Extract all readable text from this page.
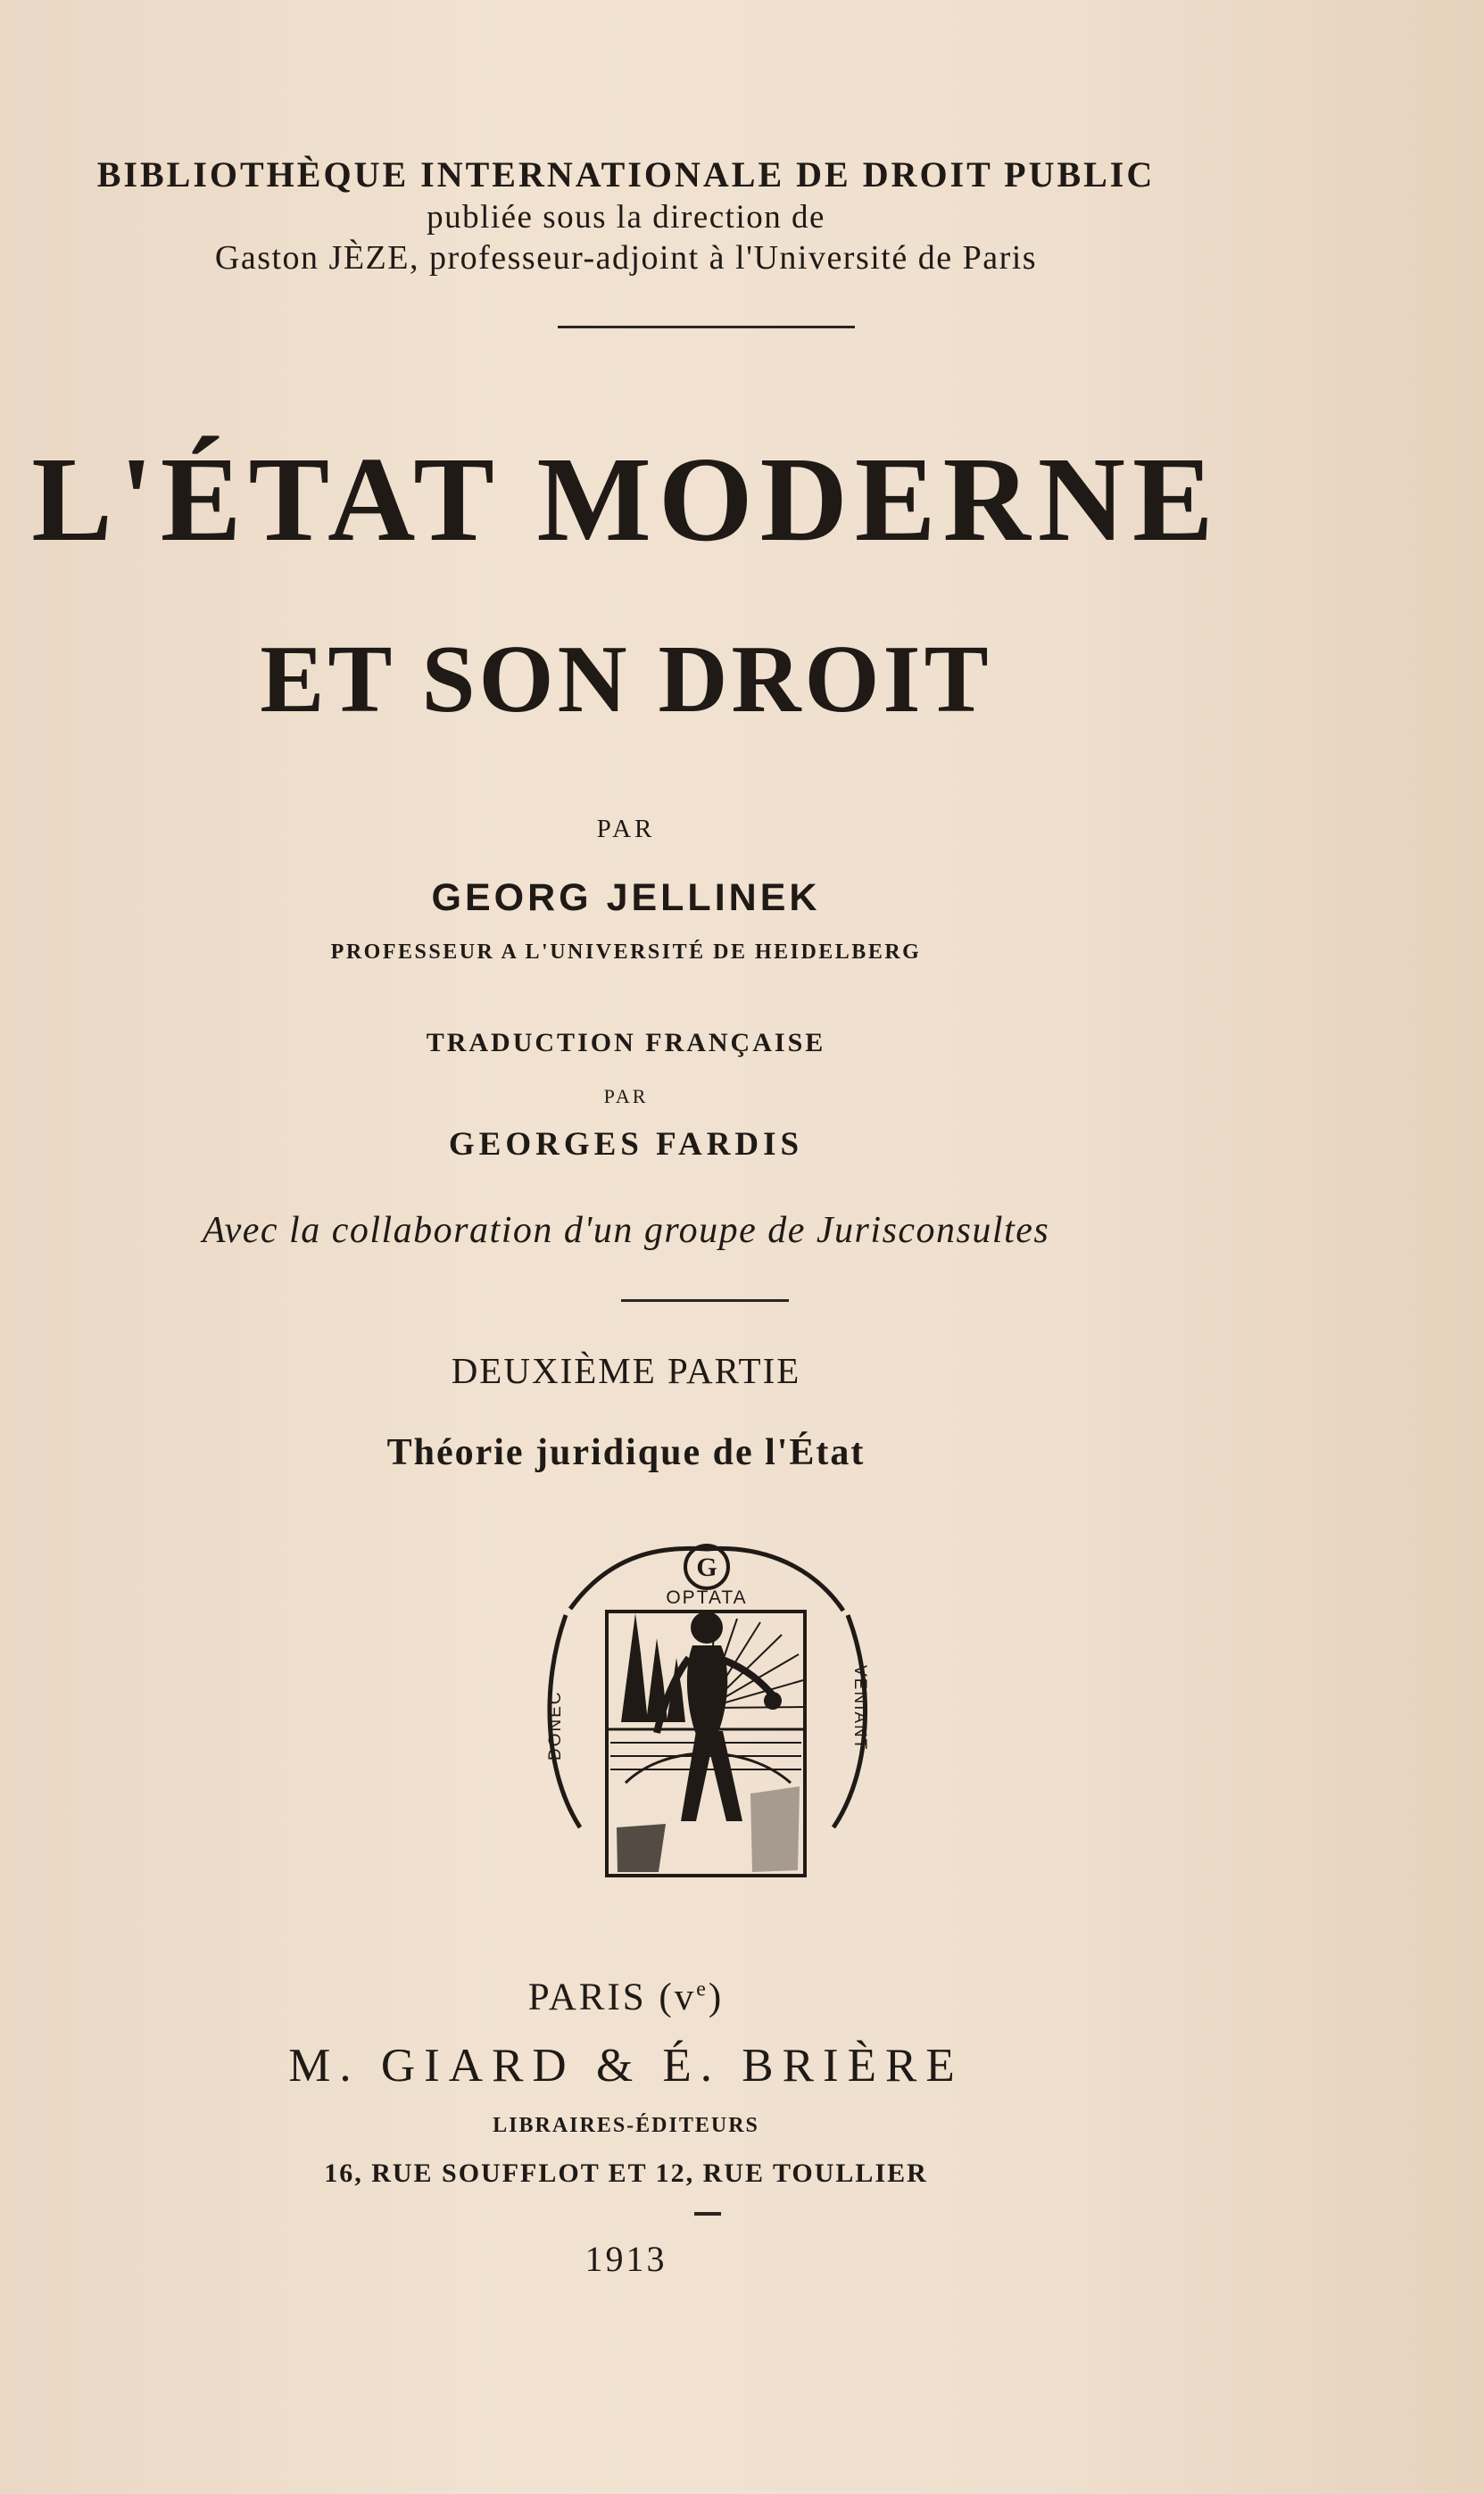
BIBLIOTHÈQUE INTERNATIONALE DE DROIT PUBLIC
publiée sous la direction de
Gaston JÈZE, professeur-adjoint à l'Université de Paris
L'ÉTAT MODERNE
ET SON DROIT
PAR
GEORG JELLINEK
PROFESSEUR A L'UNIVERSITÉ DE HEIDELBERG
TRADUCTION FRANÇAISE
PAR
GEORGES FARDIS
Avec la collaboration d'un groupe de Jurisconsultes
DEUXIÈME PARTIE
Théorie juridique de l'État
G
OPTATA
DONEC	VENIANT
PARIS $(v^e)$
M. GIARD & É. BRIÈRE
LIBRAIRES-ÉDITEURS
16, RUE SOUFFLOT ET 12, RUE TOULLIER
1913
